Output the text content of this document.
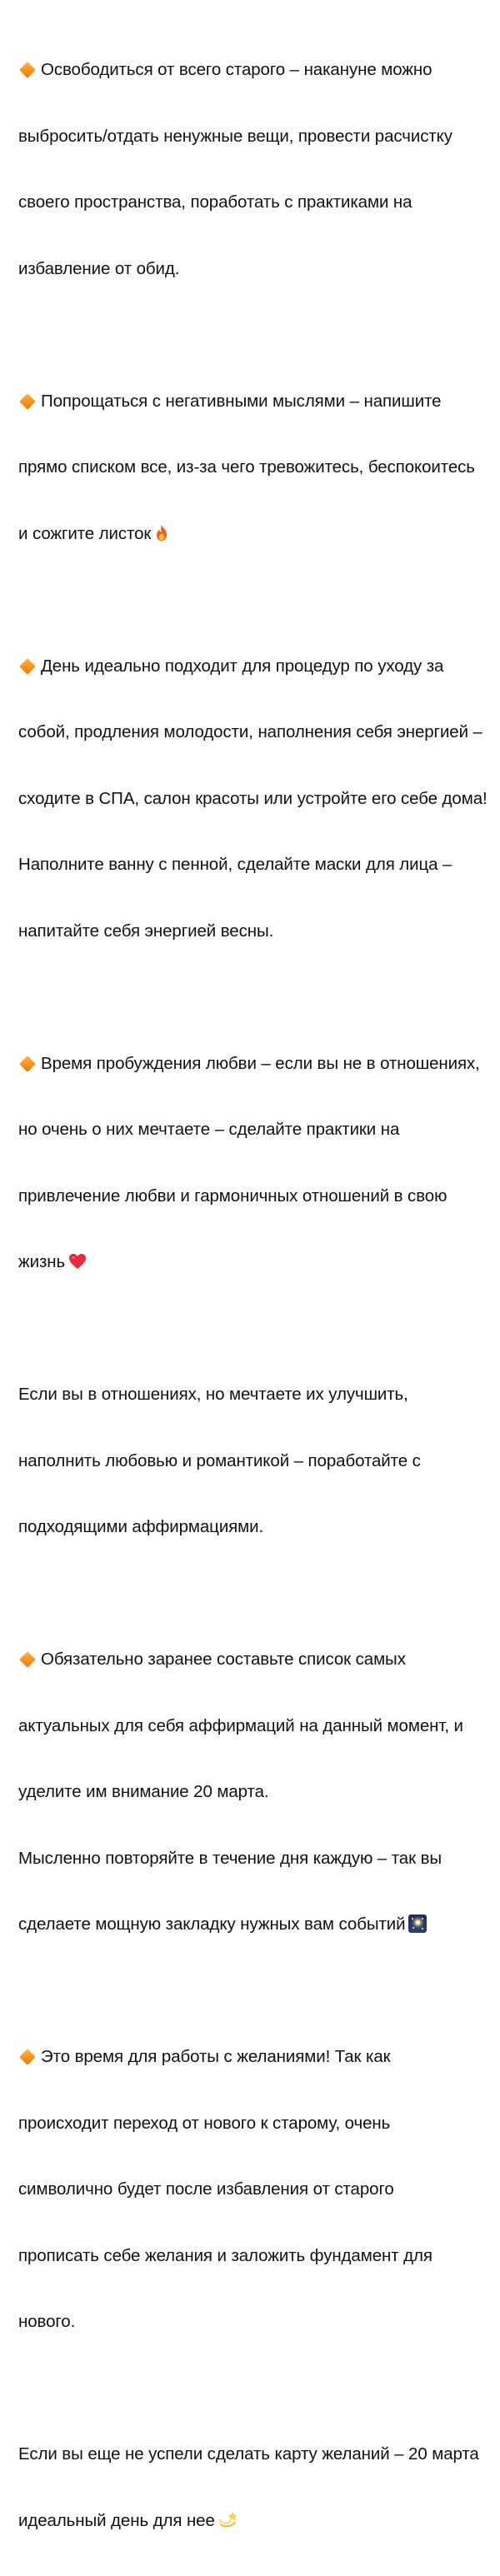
Освободиться от всего старого – накануне можно

выбросить/отдать ненужные вещи, провести расчистку

своего пространства, поработать с практиками на

избавление от обид.

Попрощаться с негативными мыслями – напишите

прямо списком все, из-за чего тревожитесь, беспокоитесь

и сожгите листок

День идеально подходит для процедур по уходу за

собой, продления молодости, наполнения себя энергией –

сходите в СПА, салон красоты или устройте его себе дома!

Наполните ванну с пенной, сделайте маски для лица –

напитайте себя энергией весны.

Время пробуждения любви – если вы не в отношениях,

но очень о них мечтаете – сделайте практики на

привлечение любви и гармоничных отношений в свою

жизнь

Если вы в отношениях, но мечтаете их улучшить,

наполнить любовью и романтикой – поработайте с

подходящими аффирмациями.

Обязательно заранее составьте список самых

актуальных для себя аффирмаций на данный момент, и

уделите им внимание 20 марта.

Мысленно повторяйте в течение дня каждую – так вы

сделаете мощную закладку нужных вам событий

Это время для работы с желаниями! Так как

происходит переход от нового к старому, очень

символично будет после избавления от старого

прописать себе желания и заложить фундамент для

нового.

Если вы еще не успели сделать карту желаний – 20 марта

идеальный день для нее
